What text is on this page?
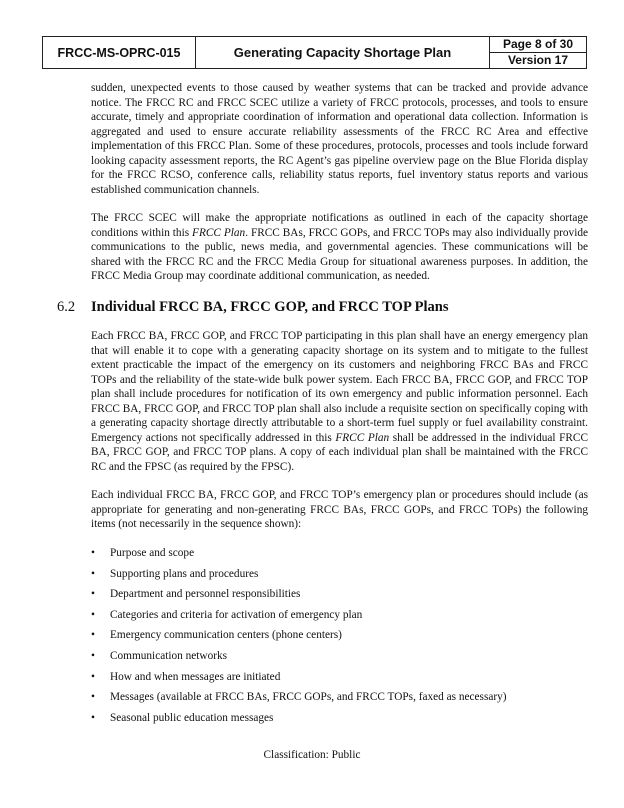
FRCC-MS-OPRC-015	Generating Capacity Shortage Plan	
Page 8 of 30
Version 17

sudden, unexpected events to those caused by weather systems that can be tracked and provide advance notice. The FRCC RC and FRCC SCEC utilize a variety of FRCC protocols, processes, and tools to ensure accurate, timely and appropriate coordination of information and operational data collection. Information is aggregated and used to ensure accurate reliability assessments of the FRCC RC Area and effective implementation of this FRCC Plan. Some of these procedures, protocols, processes and tools include forward looking capacity assessment reports, the RC Agent’s gas pipeline overview page on the Blue Florida display for the FRCC RCSO, conference calls, reliability status reports, fuel inventory status reports and various established communication channels.

The FRCC SCEC will make the appropriate notifications as outlined in each of the capacity shortage conditions within this FRCC Plan. FRCC BAs, FRCC GOPs, and FRCC TOPs may also individually provide communications to the public, news media, and governmental agencies. These communications will be shared with the FRCC RC and the FRCC Media Group for situational awareness purposes. In addition, the FRCC Media Group may coordinate additional communication, as needed.

6.2 Individual FRCC BA, FRCC GOP, and FRCC TOP Plans

Each FRCC BA, FRCC GOP, and FRCC TOP participating in this plan shall have an energy emergency plan that will enable it to cope with a generating capacity shortage on its system and to mitigate to the fullest extent practicable the impact of the emergency on its customers and neighboring FRCC BAs and FRCC TOPs and the reliability of the state-wide bulk power system. Each FRCC BA, FRCC GOP, and FRCC TOP plan shall include procedures for notification of its own emergency and public information personnel. Each FRCC BA, FRCC GOP, and FRCC TOP plan shall also include a requisite section on specifically coping with a generating capacity shortage directly attributable to a short-term fuel supply or fuel availability constraint. Emergency actions not specifically addressed in this FRCC Plan shall be addressed in the individual FRCC BA, FRCC GOP, and FRCC TOP plans. A copy of each individual plan shall be maintained with the FRCC RC and the FPSC (as required by the FPSC).

Each individual FRCC BA, FRCC GOP, and FRCC TOP’s emergency plan or procedures should include (as appropriate for generating and non-generating FRCC BAs, FRCC GOPs, and FRCC TOPs) the following items (not necessarily in the sequence shown):

• Purpose and scope
• Supporting plans and procedures
• Department and personnel responsibilities
• Categories and criteria for activation of emergency plan
• Emergency communication centers (phone centers)
• Communication networks
• How and when messages are initiated
• Messages (available at FRCC BAs, FRCC GOPs, and FRCC TOPs, faxed as necessary)
• Seasonal public education messages
Classification: Public
